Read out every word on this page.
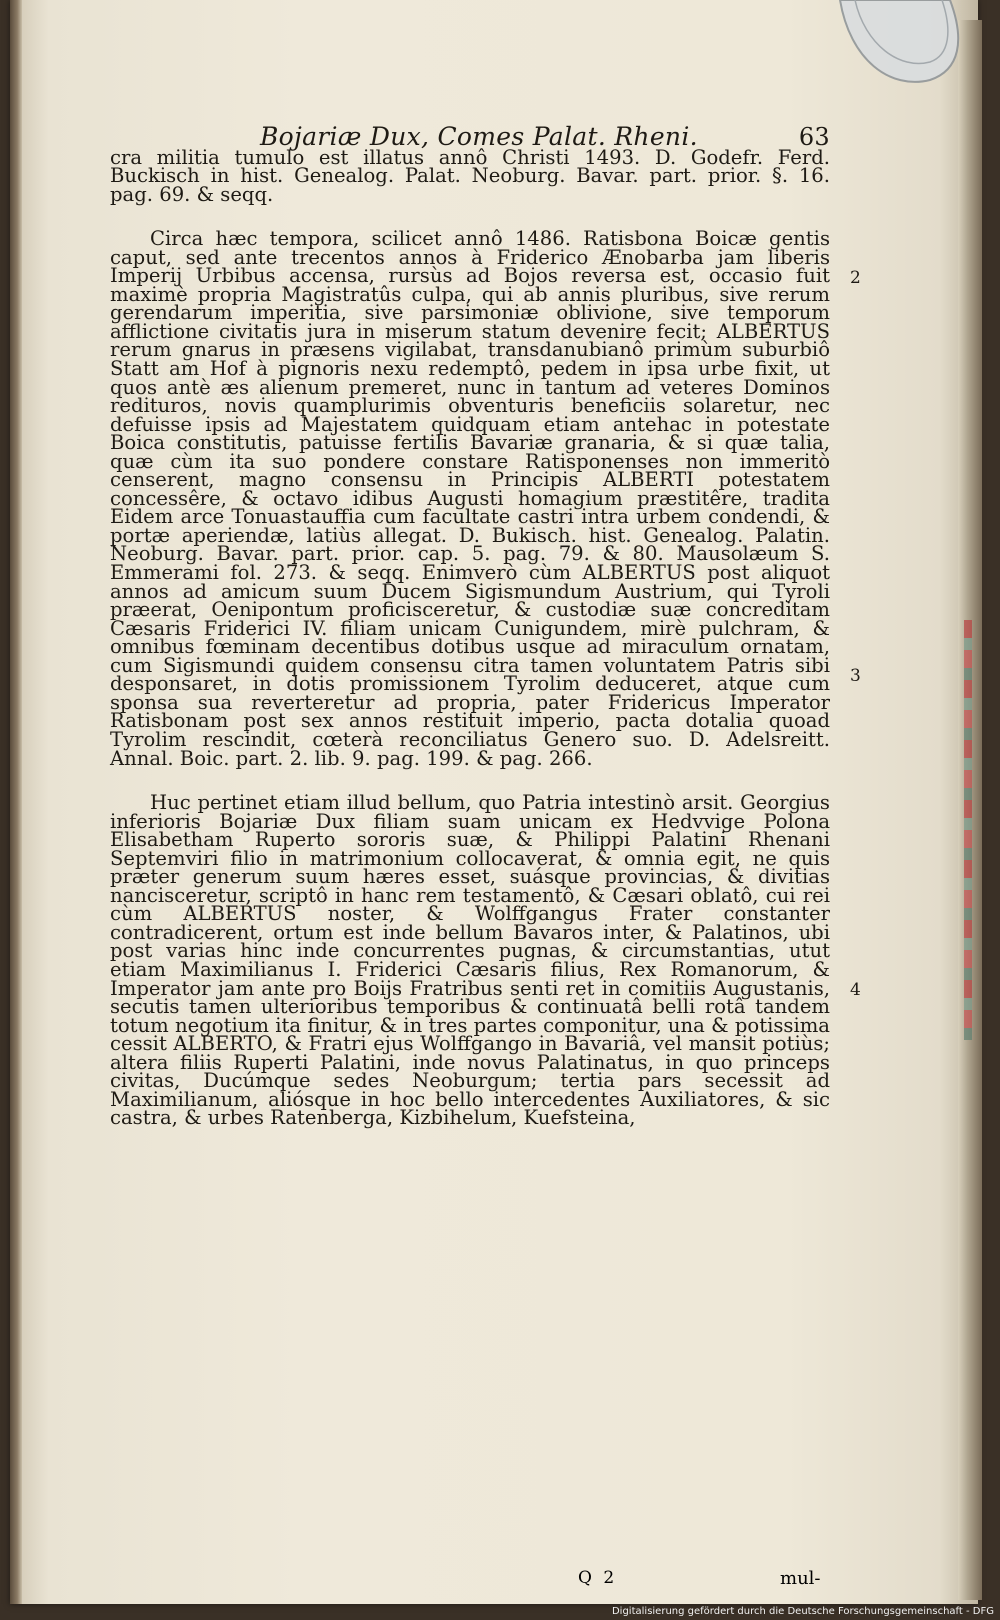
Bojariæ Dux, Comes Palat. Rheni.	63

cra militia tumulo est illatus annô Christi 1493. D. Godefr. Ferd. Buckisch in hist. Genealog. Palat. Neoburg. Bavar. part. prior. §. 16. pag. 69. & seqq.

Circa hæc tempora, scilicet annô 1486. Ratisbona Boicæ gentis caput, sed ante trecentos annos à Friderico Ænobarba jam liberis Imperij Urbibus accensa, rursùs ad Bojos reversa est, occasio fuit maximè propria Magistratûs culpa, qui ab annis pluribus, sive rerum gerendarum imperitia, sive parsimoniæ oblivione, sive temporum afflictione civitatis jura in miserum statum devenire fecit; ALBERTUS rerum gnarus in præsens vigilabat, transdanubianô primùm suburbiô Statt am Hof à pignoris nexu redemptô, pedem in ipsa urbe fixit, ut quos antè æs alienum premeret, nunc in tantum ad veteres Dominos redituros, novis quamplurimis obventuris beneficiis solaretur, nec defuisse ipsis ad Majestatem quidquam etiam antehac in potestate Boica constitutis, patuisse fertilis Bavariæ granaria, & si quæ talia, quæ cùm ita suo pondere constare Ratisponenses non immeritò censerent, magno consensu in Principis ALBERTI potestatem concessêre, & octavo idibus Augusti homagium præstitêre, tradita Eidem arce Tonuastauffia cum facultate castri intra urbem condendi, & portæ aperiendæ, latiùs allegat. D. Bukisch. hist. Genealog. Palatin. Neoburg. Bavar. part. prior. cap. 5. pag. 79. & 80. Mausolæum S. Emmerami fol. 273. & seqq. Enimverò cùm ALBERTUS post aliquot annos ad amicum suum Ducem Sigismundum Austrium, qui Tyroli præerat, Oenipontum proficisceretur, & custodiæ suæ concreditam Cæsaris Friderici IV. filiam unicam Cunigundem, mirè pulchram, & omnibus fœminam decentibus dotibus usque ad miraculum ornatam, cum Sigismundi quidem consensu citra tamen voluntatem Patris sibi desponsaret, in dotis promissionem Tyrolim deduceret, atque cum sponsa sua reverteretur ad propria, pater Fridericus Imperator Ratisbonam post sex annos restituit imperio, pacta dotalia quoad Tyrolim rescindit, cœterà reconciliatus Genero suo. D. Adelsreitt. Annal. Boic. part. 2. lib. 9. pag. 199. & pag. 266.

Huc pertinet etiam illud bellum, quo Patria intestinò arsit. Georgius inferioris Bojariæ Dux filiam suam unicam ex Hedvvige Polona Elisabetham Ruperto sororis suæ, & Philippi Palatini Rhenani Septemviri filio in matrimonium collocaverat, & omnia egit, ne quis præter generum suum hæres esset, suásque provincias, & divitias nancisceretur, scriptô in hanc rem testamentô, & Cæsari oblatô, cui rei cùm ALBERTUS noster, & Wolffgangus Frater constanter contradicerent, ortum est inde bellum Bavaros inter, & Palatinos, ubi post varias hinc inde concurrentes pugnas, & circumstantias, utut etiam Maximilianus I. Friderici Cæsaris filius, Rex Romanorum, & Imperator jam ante pro Boijs Fratribus senti ret in comitiis Augustanis, secutis tamen ulterioribus temporibus & continuatâ belli rotâ tandem totum negotium ita finitur, & in tres partes componitur, una & potissima cessit ALBERTO, & Fratri ejus Wolffgango in Bavariâ, vel mansit potiùs; altera filiis Ruperti Palatini, inde novus Palatinatus, in quo princeps civitas, Ducúmque sedes Neoburgum; tertia pars secessit ad Maximilianum, aliósque in hoc bello intercedentes Auxiliatores, & sic castra, & urbes Ratenberga, Kizbihelum, Kuefsteina,

2
3
4
Q 2	mul-
Digitalisierung gefördert durch die Deutsche Forschungsgemeinschaft - DFG
